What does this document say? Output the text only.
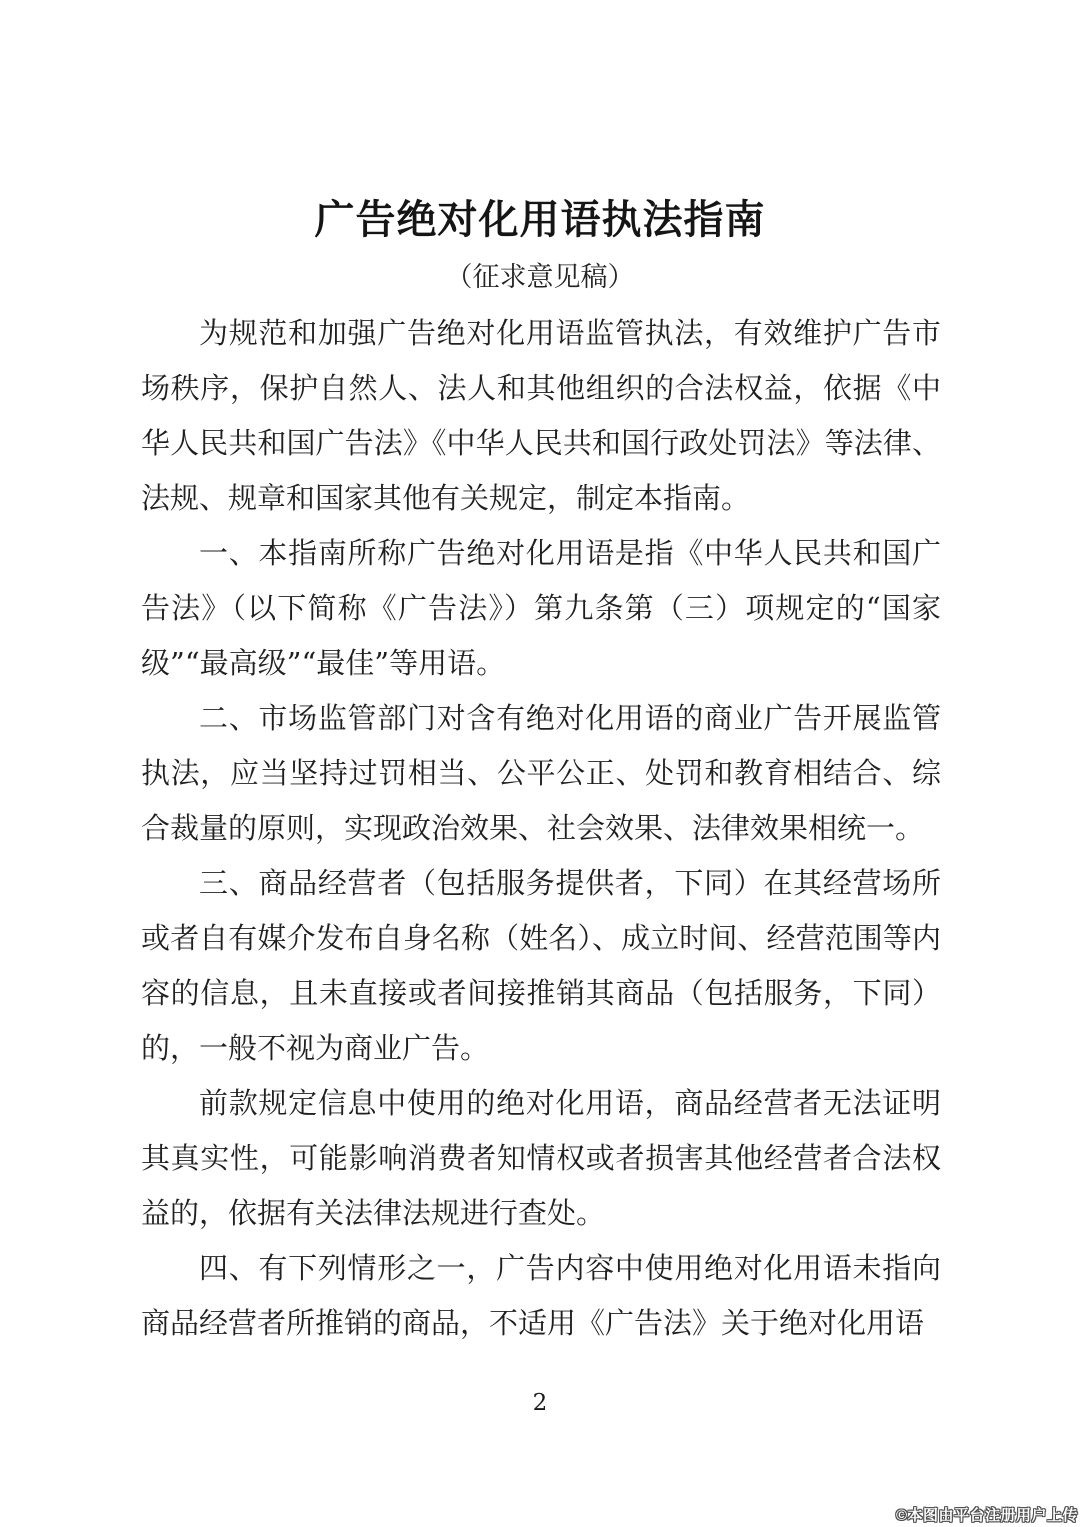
广告绝对化用语执法指南
（征求意见稿）

为规范和加强广告绝对化用语监管执法，有效维护广告市场秩序，保护自然人、法人和其他组织的合法权益，依据《中华人民共和国广告法》《中华人民共和国行政处罚法》等法律、法规、规章和国家其他有关规定，制定本指南。

一、本指南所称广告绝对化用语是指《中华人民共和国广告法》（以下简称《广告法》）第九条第（三）项规定的“国家级”“最高级”“最佳”等用语。

二、市场监管部门对含有绝对化用语的商业广告开展监管执法，应当坚持过罚相当、公平公正、处罚和教育相结合、综合裁量的原则，实现政治效果、社会效果、法律效果相统一。

三、商品经营者（包括服务提供者，下同）在其经营场所或者自有媒介发布自身名称（姓名）、成立时间、经营范围等内容的信息，且未直接或者间接推销其商品（包括服务，下同）的，一般不视为商业广告。

前款规定信息中使用的绝对化用语，商品经营者无法证明其真实性，可能影响消费者知情权或者损害其他经营者合法权益的，依据有关法律法规进行查处。

四、有下列情形之一，广告内容中使用绝对化用语未指向商品经营者所推销的商品，不适用《广告法》关于绝对化用语

2
©本图由平台注册用户上传
